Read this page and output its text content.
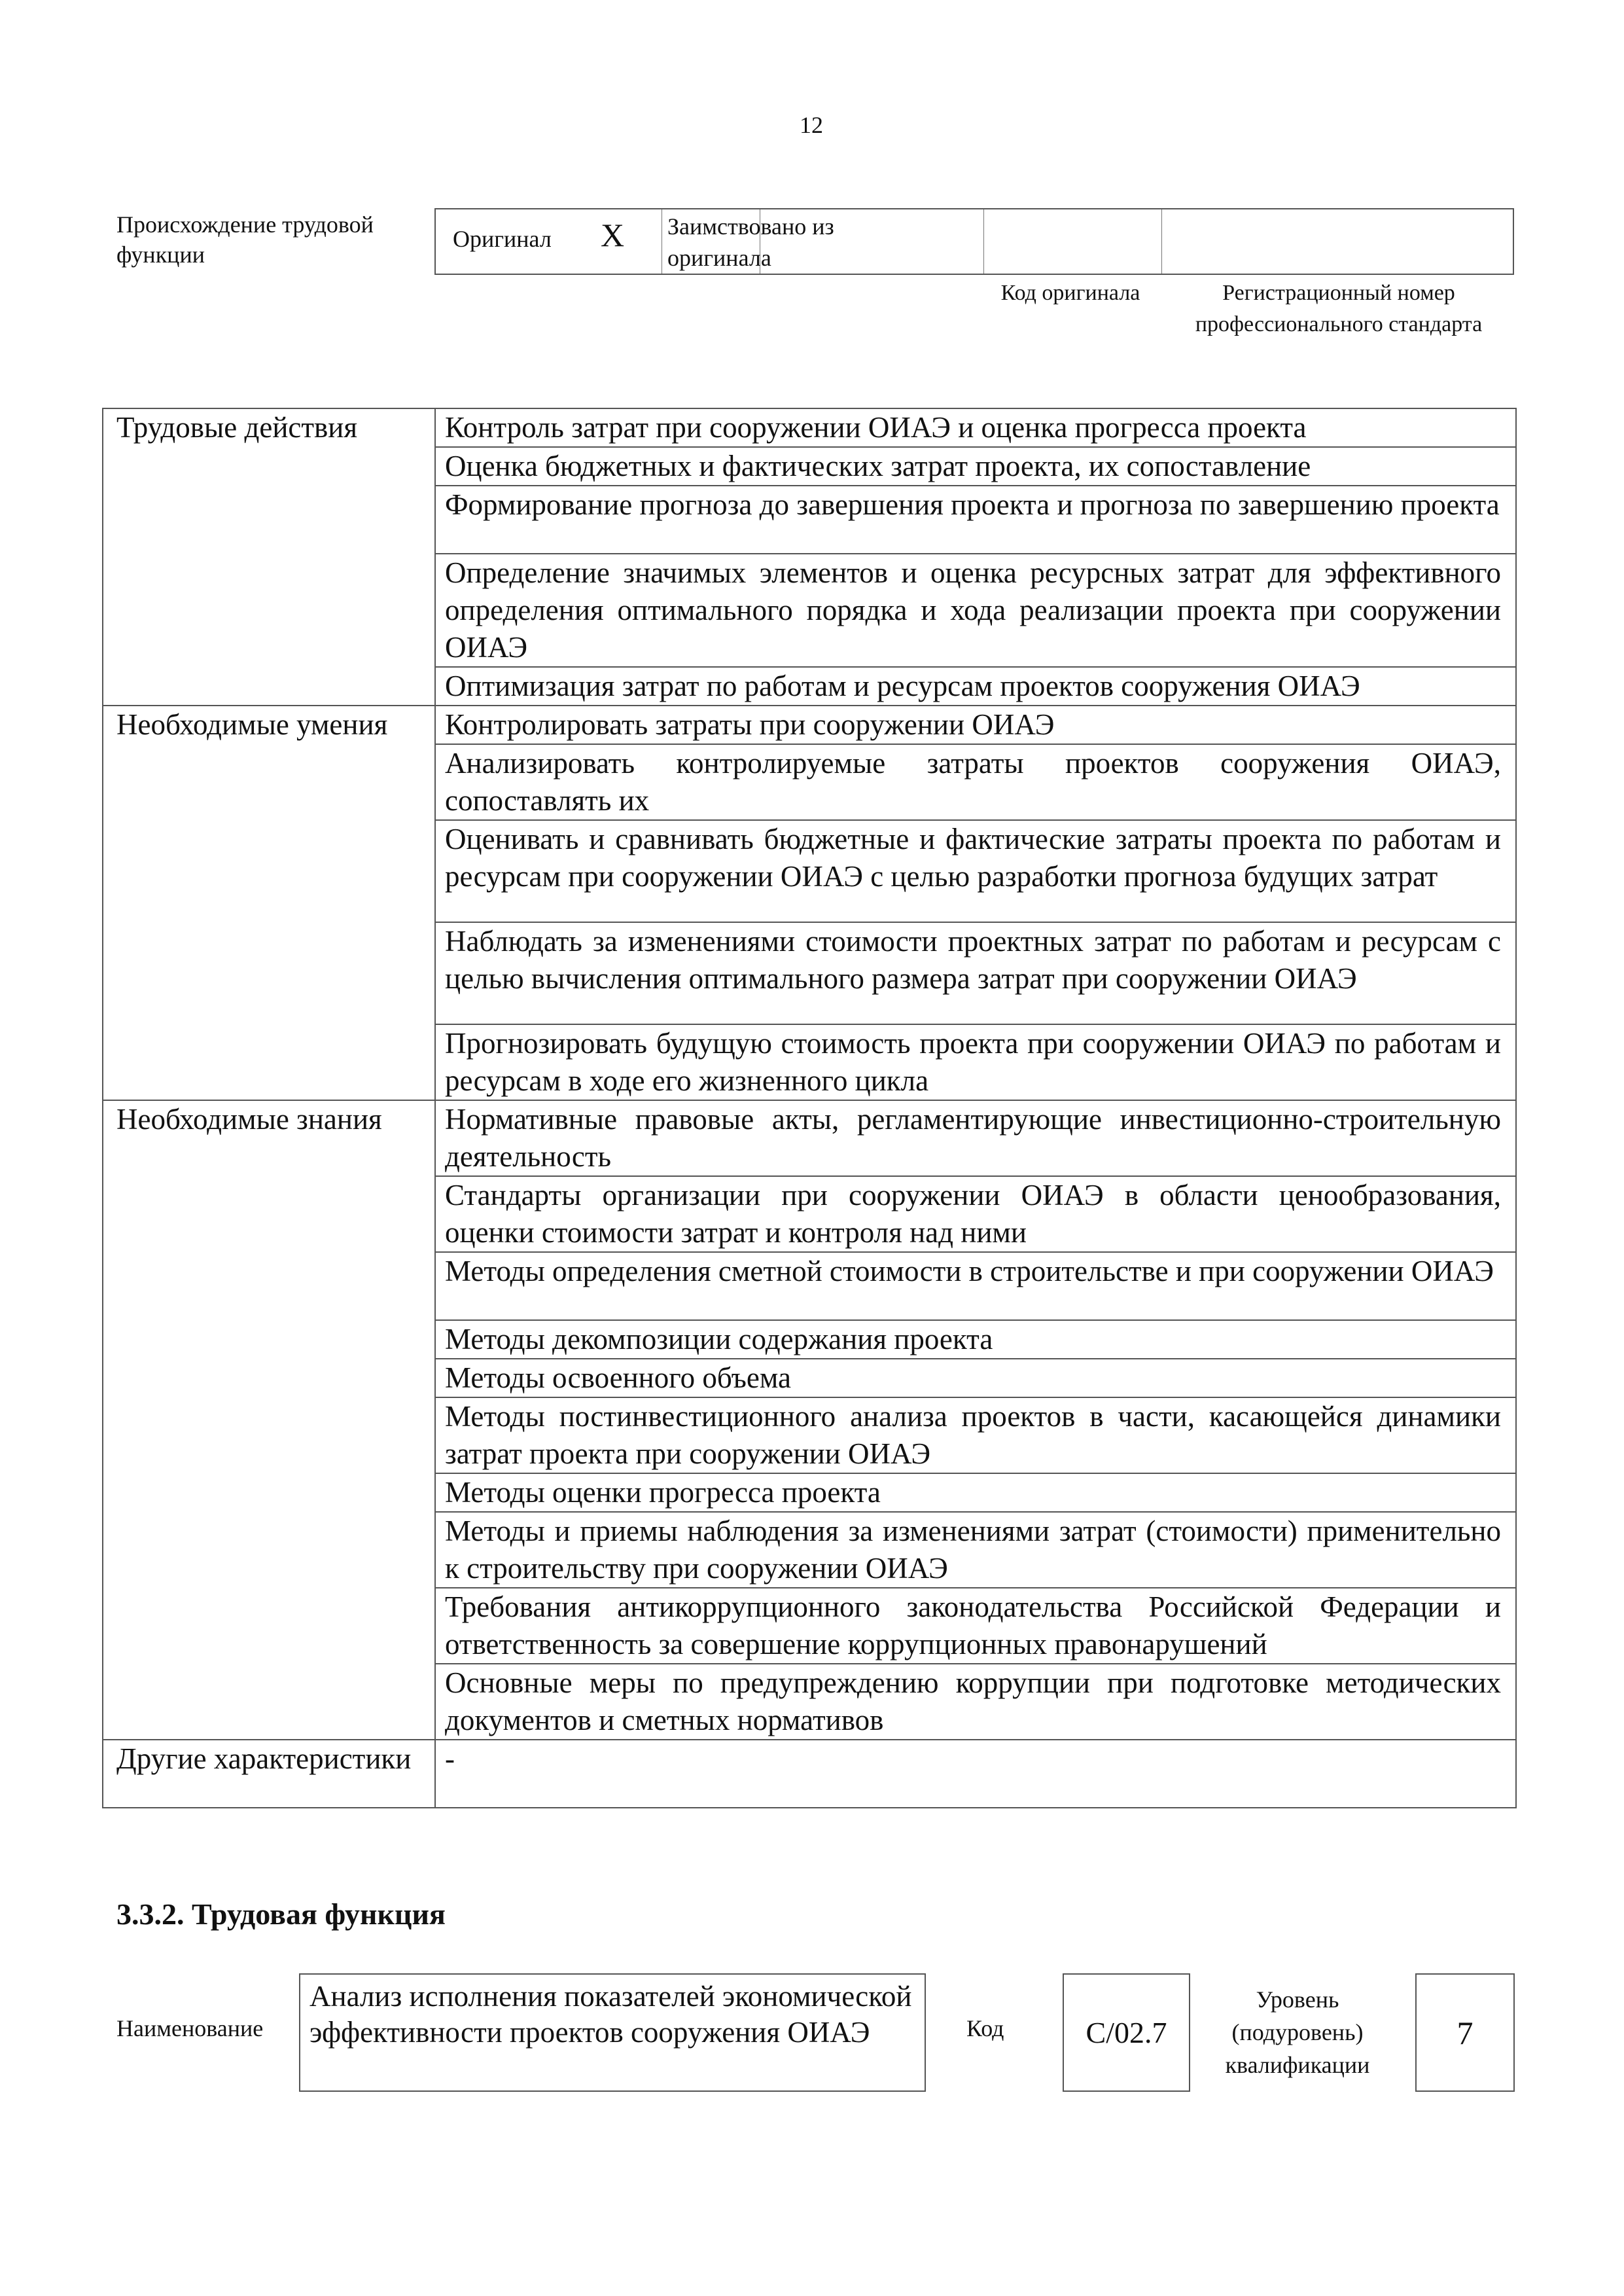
12
Происхождение трудовой функции
Оригинал X Заимствовано из оригинала
Код оригинала	Регистрационный номер профессионального стандарта
Трудовые действия	Контроль затрат при сооружении ОИАЭ и оценка прогресса проекта
	Оценка бюджетных и фактических затрат проекта, их сопоставление
	Формирование прогноза до завершения проекта и прогноза по завершению проекта
	Определение значимых элементов и оценка ресурсных затрат для эффективного определения оптимального порядка и хода реализации проекта при сооружении ОИАЭ
	Оптимизация затрат по работам и ресурсам проектов сооружения ОИАЭ
Необходимые умения	Контролировать затраты при сооружении ОИАЭ
	Анализировать контролируемые затраты проектов сооружения ОИАЭ, сопоставлять их
	Оценивать и сравнивать бюджетные и фактические затраты проекта по работам и ресурсам при сооружении ОИАЭ с целью разработки прогноза будущих затрат
	Наблюдать за изменениями стоимости проектных затрат по работам и ресурсам с целью вычисления оптимального размера затрат при сооружении ОИАЭ
	Прогнозировать будущую стоимость проекта при сооружении ОИАЭ по работам и ресурсам в ходе его жизненного цикла
Необходимые знания	Нормативные правовые акты, регламентирующие инвестиционно-строительную деятельность
	Стандарты организации при сооружении ОИАЭ в области ценообразования, оценки стоимости затрат и контроля над ними
	Методы определения сметной стоимости в строительстве и при сооружении ОИАЭ
	Методы декомпозиции содержания проекта
	Методы освоенного объема
	Методы постинвестиционного анализа проектов в части, касающейся динамики затрат проекта при сооружении ОИАЭ
	Методы оценки прогресса проекта
	Методы и приемы наблюдения за изменениями затрат (стоимости) применительно к строительству при сооружении ОИАЭ
	Требования антикоррупционного законодательства Российской Федерации и ответственность за совершение коррупционных правонарушений
	Основные меры по предупреждению коррупции при подготовке методических документов и сметных нормативов
Другие характеристики	-
3.3.2. Трудовая функция
Наименование
Анализ исполнения показателей экономической эффективности проектов сооружения ОИАЭ	Код	C/02.7
Уровень (подуровень) квалификации
7
